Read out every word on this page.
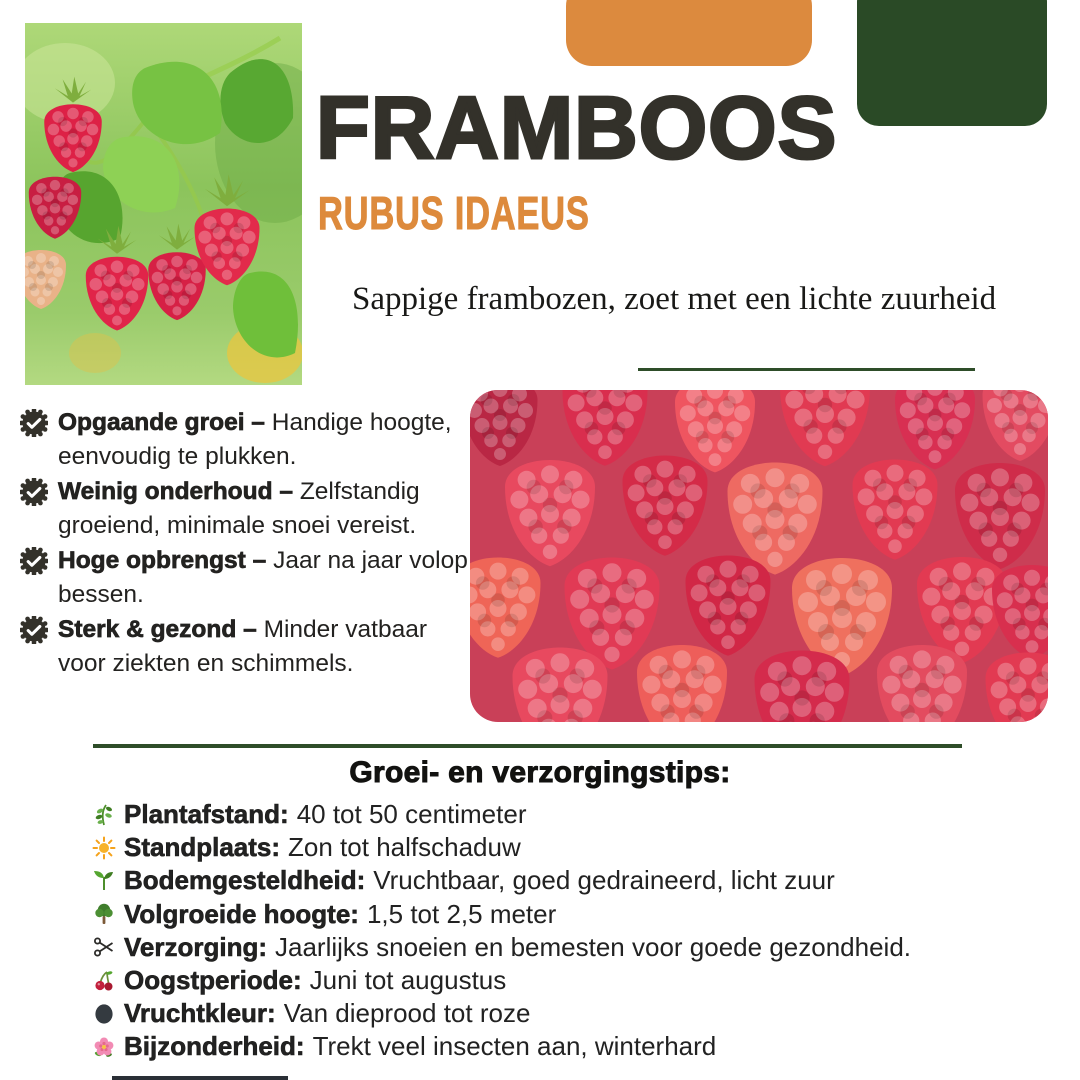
FRAMBOOS
RUBUS IDAEUS
Sappige frambozen, zoet met een lichte zuurheid
Opgaande groei – Handige hoogte, eenvoudig te plukken.
Weinig onderhoud – Zelfstandig groeiend, minimale snoei vereist.
Hoge opbrengst – Jaar na jaar volop bessen.
Sterk & gezond – Minder vatbaar voor ziekten en schimmels.
Groei- en verzorgingstips:
Plantafstand: 40 tot 50 centimeter
Standplaats: Zon tot halfschaduw
Bodemgesteldheid: Vruchtbaar, goed gedraineerd, licht zuur
Volgroeide hoogte: 1,5 tot 2,5 meter
Verzorging: Jaarlijks snoeien en bemesten voor goede gezondheid.
Oogstperiode: Juni tot augustus
Vruchtkleur: Van dieprood tot roze
Bijzonderheid: Trekt veel insecten aan, winterhard
